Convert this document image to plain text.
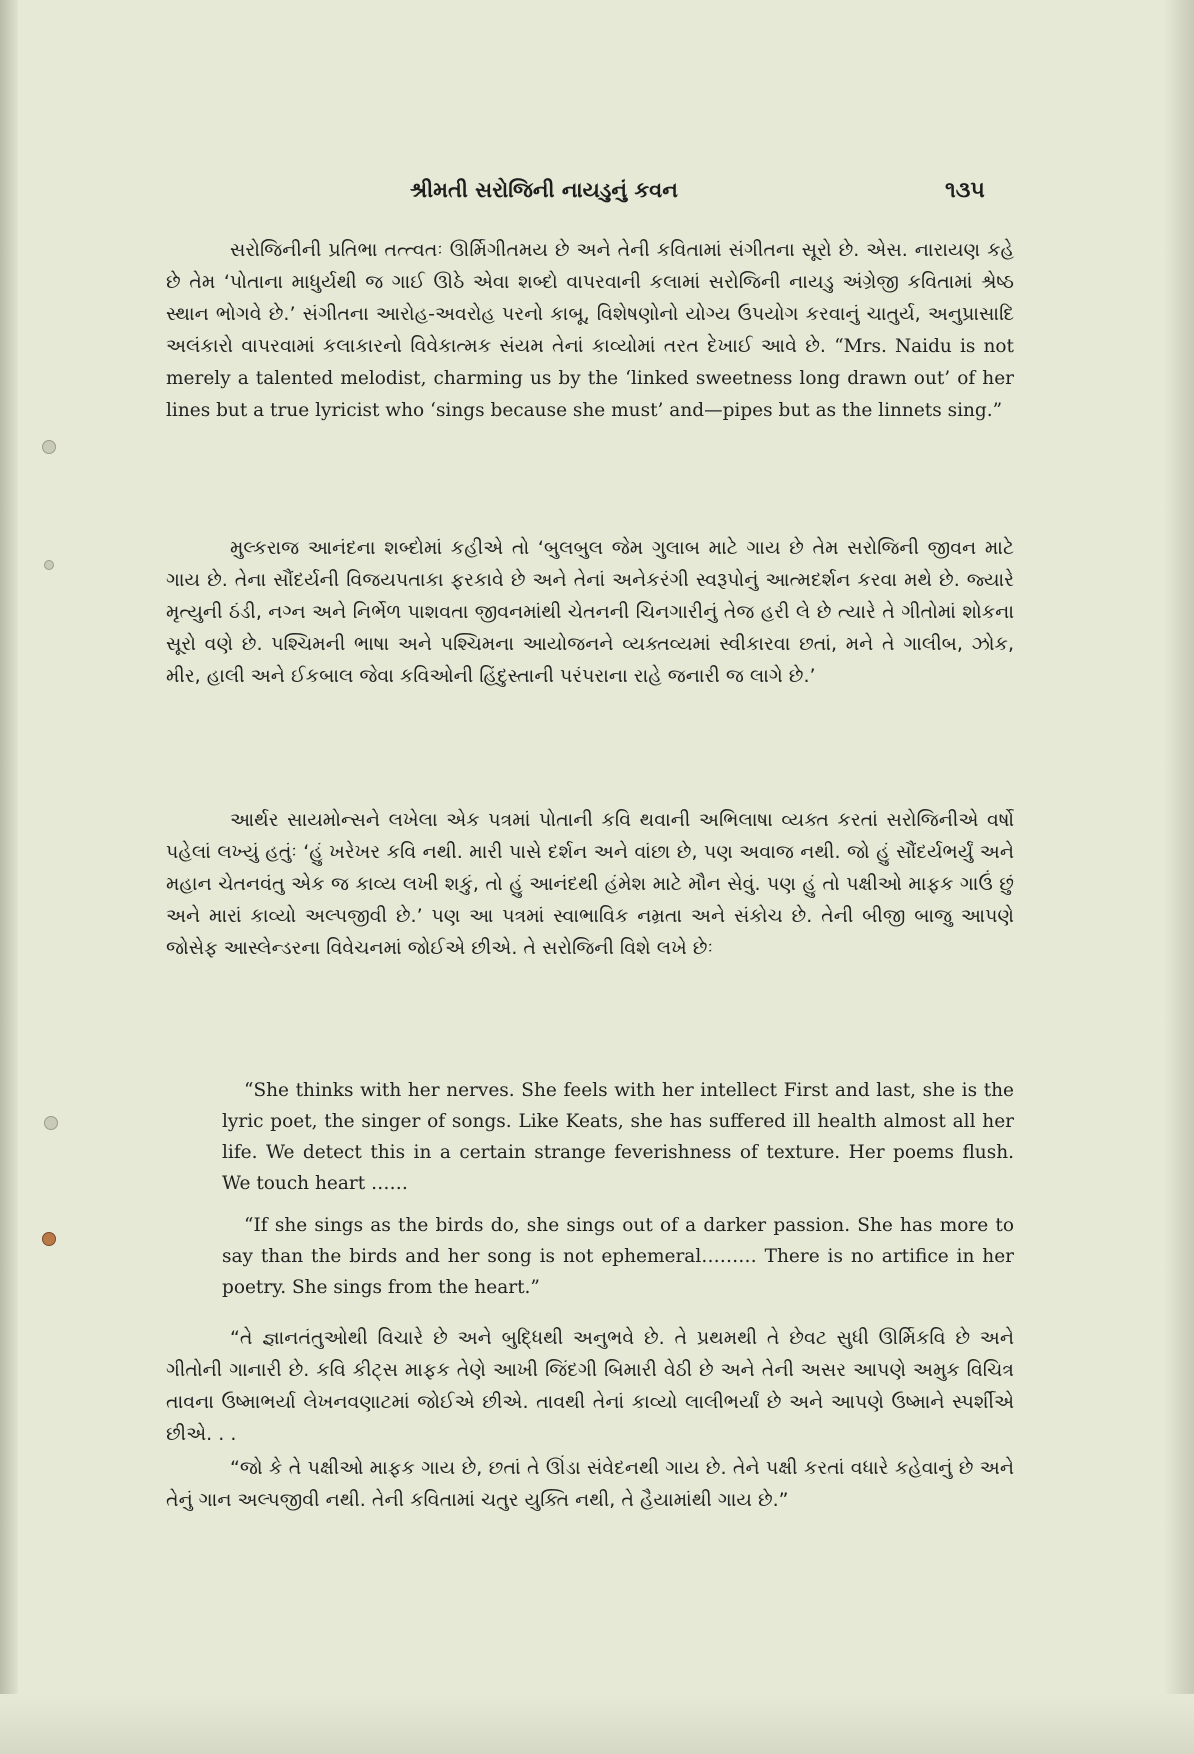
શ્રીમતી સરોજિની નાયડુનું કવન	૧૩૫
સરોજિનીની પ્રતિભા તત્ત્વતઃ ઊર્મિગીતમય છે અને તેની કવિતામાં સંગીતના સૂરો છે. એસ. નારાયણ કહે છે તેમ ‘પોતાના માધુર્યથી જ ગાઈ ઊઠે એવા શબ્દો વાપરવાની કલામાં સરોજિની નાયડુ અંગ્રેજી કવિતામાં શ્રેષ્ઠ સ્થાન ભોગવે છે.’ સંગીતના આરોહ-અવરોહ પરનો કાબૂ, વિશેષણોનો યોગ્ય ઉપયોગ કરવાનું ચાતુર્ય, અનુપ્રાસાદિ અલંકારો વાપરવામાં કલાકારનો વિવેકાત્મક સંયમ તેનાં કાવ્યોમાં તરત દેખાઈ આવે છે. “Mrs. Naidu is not merely a talented melodist, charming us by the ‘linked sweetness long drawn out’ of her lines but a true lyricist who ‘sings because she must’ and—pipes but as the linnets sing.”
મુલ્કરાજ આનંદના શબ્દોમાં કહીએ તો ‘બુલબુલ જેમ ગુલાબ માટે ગાય છે તેમ સરોજિની જીવન માટે ગાય છે. તેના સૌંદર્યની વિજયપતાકા ફરકાવે છે અને તેનાં અનેકરંગી સ્વરૂપોનું આત્મદર્શન કરવા મથે છે. જ્યારે મૃત્યુની ઠંડી, નગ્ન અને નિર્ભેળ પાશવતા જીવનમાંથી ચેતનની ચિનગારીનું તેજ હરી લે છે ત્યારે તે ગીતોમાં શોકના સૂરો વણે છે. પશ્ચિમની ભાષા અને પશ્ચિમના આયોજનને વ્યક્તવ્યમાં સ્વીકારવા છતાં, મને તે ગાલીબ, ઝોક, મીર, હાલી અને ઈકબાલ જેવા કવિઓની હિંદુસ્તાની પરંપરાના રાહે જનારી જ લાગે છે.’
આર્થર સાયમોન્સને લખેલા એક પત્રમાં પોતાની કવિ થવાની અભિલાષા વ્યક્ત કરતાં સરોજિનીએ વર્ષો પહેલાં લખ્યું હતુંઃ ‘હું ખરેખર કવિ નથી. મારી પાસે દર્શન અને વાંછા છે, પણ અવાજ નથી. જો હું સૌંદર્યભર્યું અને મહાન ચેતનવંતુ એક જ કાવ્ય લખી શકું, તો હું આનંદથી હંમેશ માટે મૌન સેવું. પણ હું તો પક્ષીઓ માફક ગાઉં છું અને મારાં કાવ્યો અલ્પજીવી છે.’ પણ આ પત્રમાં સ્વાભાવિક નમ્રતા અને સંકોચ છે. તેની બીજી બાજુ આપણે જોસેફ આસ્લેન્ડરના વિવેચનમાં જોઈએ છીએ. તે સરોજિની વિશે લખે છેઃ
“She thinks with her nerves. She feels with her intellect First and last, she is the lyric poet, the singer of songs. Like Keats, she has suffered ill health almost all her life. We detect this in a certain strange feverishness of texture. Her poems flush. We touch heart ……
“If she sings as the birds do, she sings out of a darker passion. She has more to say than the birds and her song is not ephemeral……… There is no artifice in her poetry. She sings from the heart.”
“તે જ્ઞાનતંતુઓથી વિચારે છે અને બુદ્ધિથી અનુભવે છે. તે પ્રથમથી તે છેવટ સુધી ઊર્મિકવિ છે અને ગીતોની ગાનારી છે. કવિ કીટ્સ માફક તેણે આખી જિંદગી બિમારી વેઠી છે અને તેની અસર આપણે અમુક વિચિત્ર તાવના ઉષ્માભર્યા લેખનવણાટમાં જોઈએ છીએ. તાવથી તેનાં કાવ્યો લાલીભર્યાં છે અને આપણે ઉષ્માને સ્પર્શીએ છીએ. . .
“જો કે તે પક્ષીઓ માફક ગાય છે, છતાં તે ઊંડા સંવેદનથી ગાય છે. તેને પક્ષી કરતાં વધારે કહેવાનું છે અને તેનું ગાન અલ્પજીવી નથી. તેની કવિતામાં ચતુર યુક્તિ નથી, તે હૈયામાંથી ગાય છે.”
